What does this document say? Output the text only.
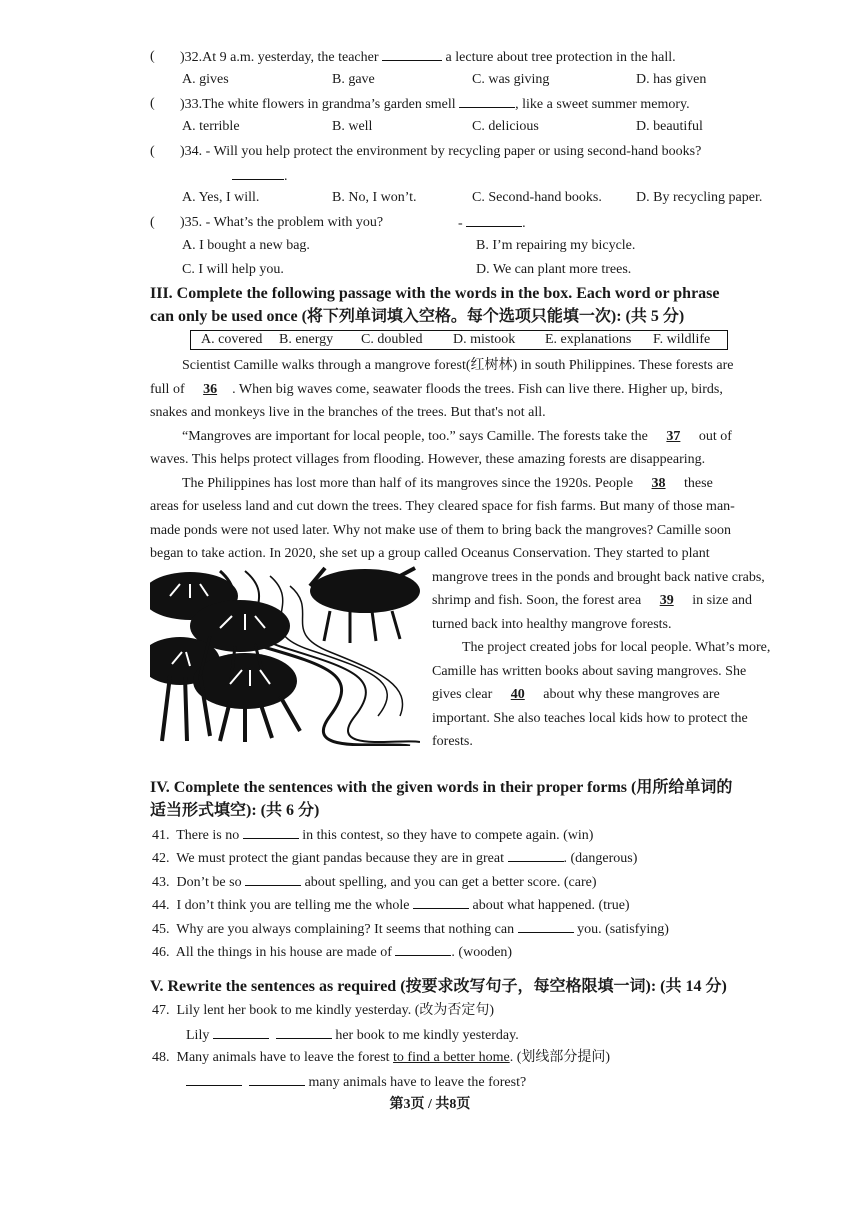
( )32.At 9 a.m. yesterday, the teacher	a lecture about tree protection in the hall.
A. gives	B. gave	C. was giving	D. has given
( )33.The white flowers in grandma’s garden smell	, like a sweet summer memory.
A. terrible	B. well	C. delicious	D. beautiful
( )34. - Will you help protect the environment by recycling paper or using second-hand books?
.
A. Yes, I will.	B. No, I won’t.	C. Second-hand books. D. By recycling paper.
( )35. - What’s the problem with you?	-	.
A. I bought a new bag.	B. I’m repairing my bicycle.
C. I will help you.	D. We can plant more trees.
III. Complete the following passage with the words in the box. Each word or phrase
can only be used once (将下列单词填入空格。每个选项只能填一次): (共 5 分)
A. covered B. energy C. doubled D. mistook E. explanations F. wildlife
Scientist Camille walks through a mangrove forest(红树林) in south Philippines. These forests are
full of 36 . When big waves come, seawater floods the trees. Fish can live there. Higher up, birds,
snakes and monkeys live in the branches of the trees. But that's not all.
“Mangroves are important for local people, too.” says Camille. The forests take the 37 out of
waves. This helps protect villages from flooding. However, these amazing forests are disappearing.
The Philippines has lost more than half of its mangroves since the 1920s. People 38 these
areas for useless land and cut down the trees. They cleared space for fish farms. But many of those man-
made ponds were not used later. Why not make use of them to bring back the mangroves? Camille soon
began to take action. In 2020, she set up a group called Oceanus Conservation. They started to plant
mangrove trees in the ponds and brought back native crabs,
shrimp and fish. Soon, the forest area 39 in size and
turned back into healthy mangrove forests.
The project created jobs for local people. What’s more,
Camille has written books about saving mangroves. She
gives clear 40 about why these mangroves are
important. She also teaches local kids how to protect the
forests.
IV. Complete the sentences with the given words in their proper forms (用所给单词的
适当形式填空): (共 6 分)
41. There is no	in this contest, so they have to compete again. (win)
42. We must protect the giant pandas because they are in great	. (dangerous)
43. Don’t be so	about spelling, and you can get a better score. (care)
44. I don’t think you are telling me the whole	about what happened. (true)
45. Why are you always complaining? It seems that nothing can	you. (satisfying)
46. All the things in his house are made of	. (wooden)
V. Rewrite the sentences as required (按要求改写句子，每空格限填一词): (共 14 分)
47. Lily lent her book to me kindly yesterday. (改为否定句)
Lily	her book to me kindly yesterday.
48. Many animals have to leave the forest to find a better home. (划线部分提问)
many animals have to leave the forest?
第3页 / 共8页
